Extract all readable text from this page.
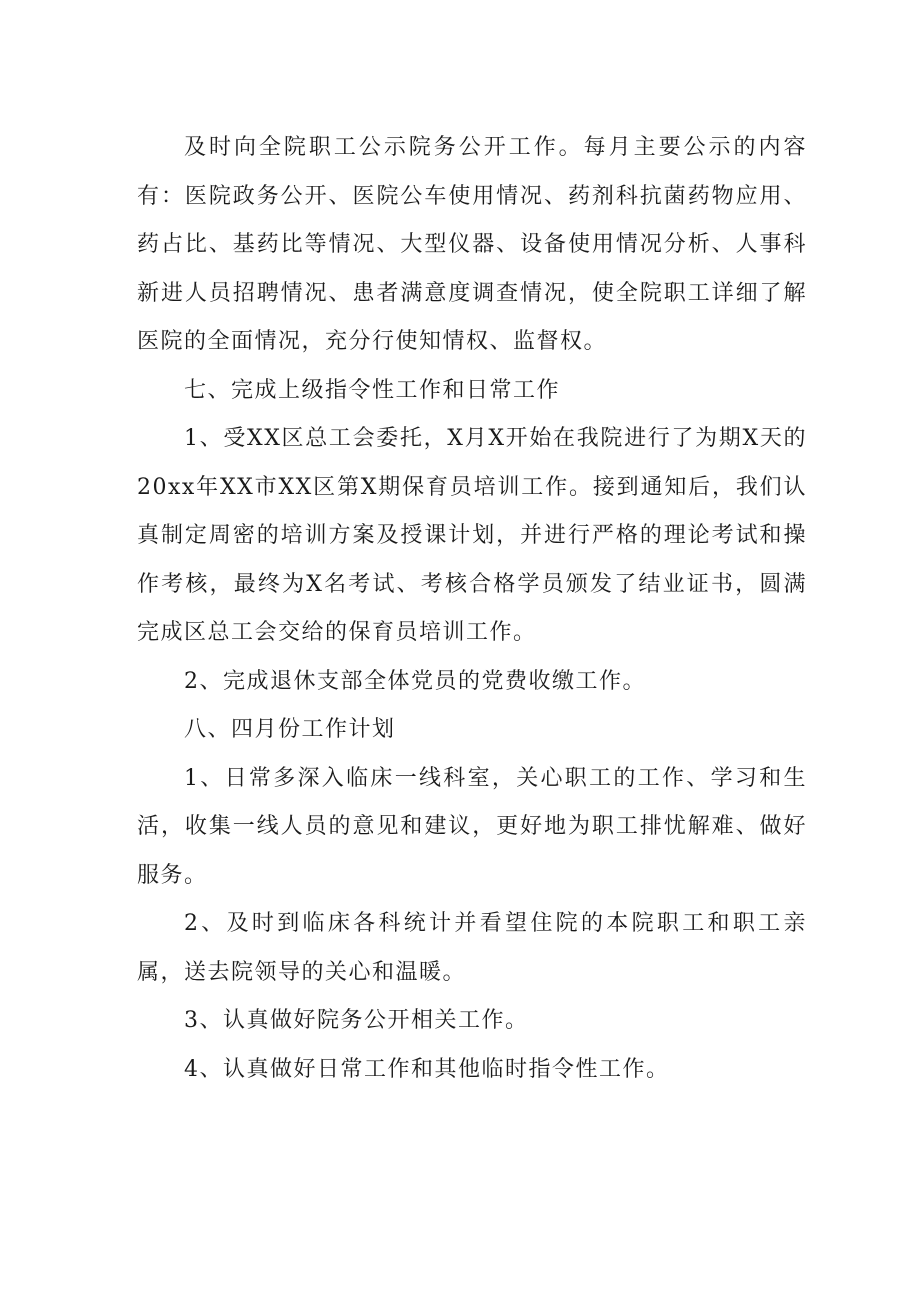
及时向全院职工公示院务公开工作。每月主要公示的内容有：医院政务公开、医院公车使用情况、药剂科抗菌药物应用、药占比、基药比等情况、大型仪器、设备使用情况分析、人事科新进人员招聘情况、患者满意度调查情况，使全院职工详细了解医院的全面情况，充分行使知情权、监督权。

七、完成上级指令性工作和日常工作

1、受XX区总工会委托，X月X开始在我院进行了为期X天的20xx年XX市XX区第X期保育员培训工作。接到通知后，我们认真制定周密的培训方案及授课计划，并进行严格的理论考试和操作考核，最终为X名考试、考核合格学员颁发了结业证书，圆满完成区总工会交给的保育员培训工作。

2、完成退休支部全体党员的党费收缴工作。

八、四月份工作计划

1、日常多深入临床一线科室，关心职工的工作、学习和生活，收集一线人员的意见和建议，更好地为职工排忧解难、做好服务。

2、及时到临床各科统计并看望住院的本院职工和职工亲属，送去院领导的关心和温暖。

3、认真做好院务公开相关工作。

4、认真做好日常工作和其他临时指令性工作。
